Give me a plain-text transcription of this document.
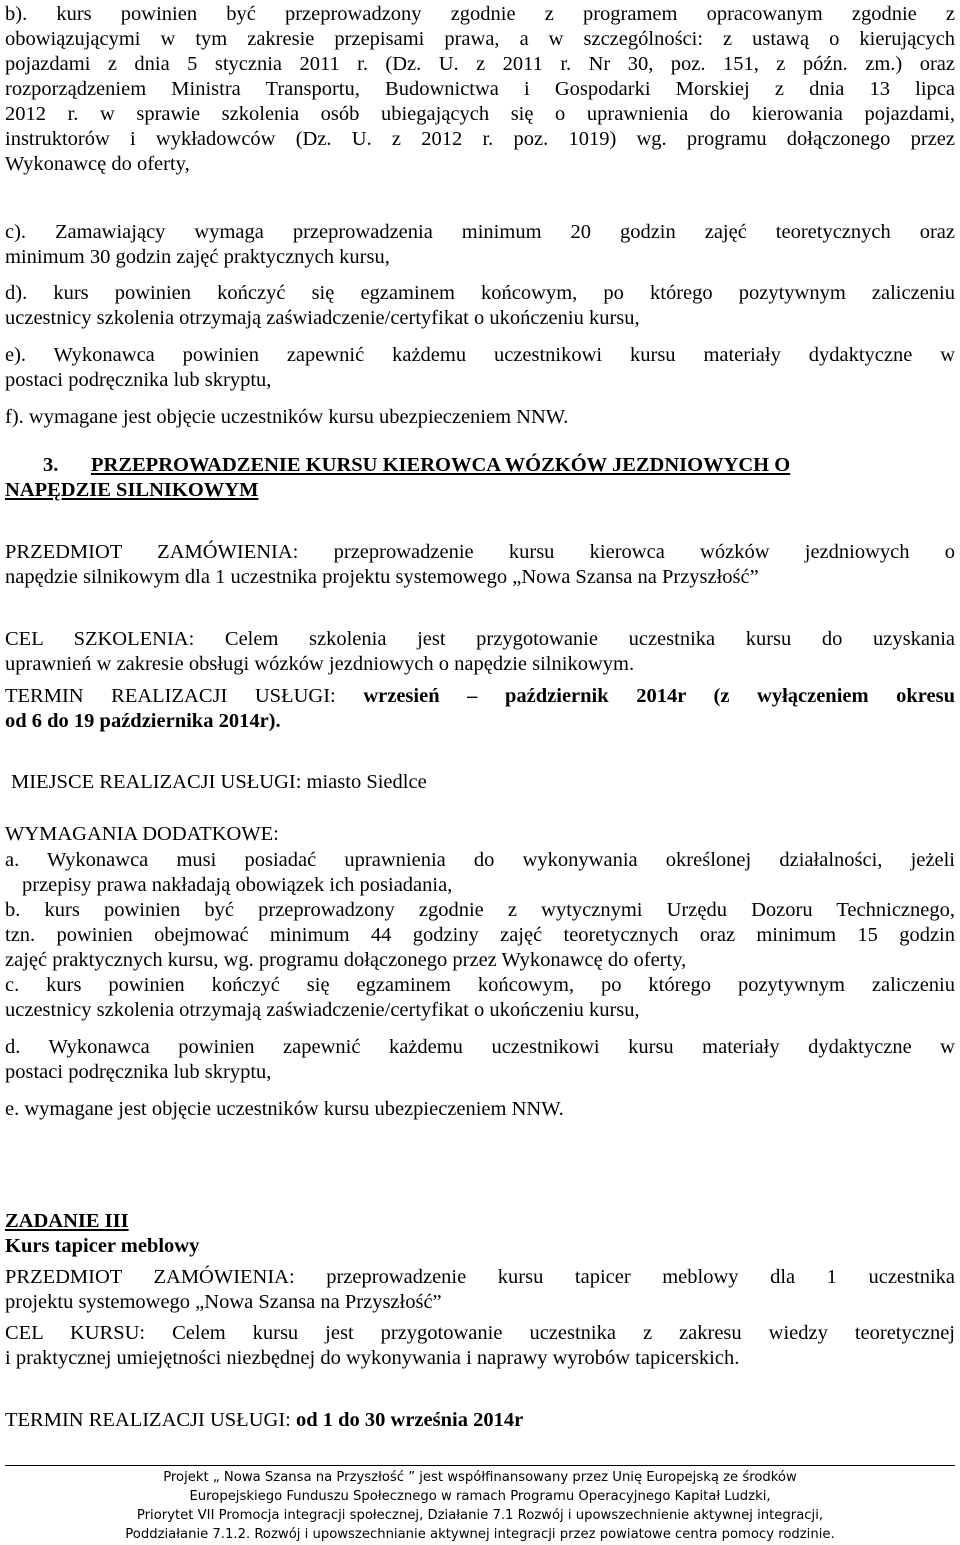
b). kurs powinien być przeprowadzony zgodnie z programem opracowanym zgodnie z
obowiązującymi w tym zakresie przepisami prawa, a w szczególności: z ustawą o kierujących
pojazdami z dnia 5 stycznia 2011 r. (Dz. U. z 2011 r. Nr 30, poz. 151, z późn. zm.) oraz
rozporządzeniem Ministra Transportu, Budownictwa i Gospodarki Morskiej z dnia 13 lipca
2012 r. w sprawie szkolenia osób ubiegających się o uprawnienia do kierowania pojazdami,
instruktorów i wykładowców (Dz. U. z 2012 r. poz. 1019) wg. programu dołączonego przez
Wykonawcę do oferty,
c). Zamawiający wymaga przeprowadzenia minimum 20 godzin zajęć teoretycznych oraz
minimum 30 godzin zajęć praktycznych kursu,
d). kurs powinien kończyć się egzaminem końcowym, po którego pozytywnym zaliczeniu
uczestnicy szkolenia otrzymają zaświadczenie/certyfikat o ukończeniu kursu,
e). Wykonawca powinien zapewnić każdemu uczestnikowi kursu materiały dydaktyczne w
postaci podręcznika lub skryptu,
f). wymagane jest objęcie uczestników kursu ubezpieczeniem NNW.
3. PRZEPROWADZENIE KURSU KIEROWCA WÓZKÓW JEZDNIOWYCH O
NAPĘDZIE SILNIKOWYM
PRZEDMIOT ZAMÓWIENIA: przeprowadzenie kursu kierowca wózków jezdniowych o
napędzie silnikowym dla 1 uczestnika projektu systemowego „Nowa Szansa na Przyszłość”
CEL SZKOLENIA: Celem szkolenia jest przygotowanie uczestnika kursu do uzyskania
uprawnień w zakresie obsługi wózków jezdniowych o napędzie silnikowym.
TERMIN REALIZACJI USŁUGI: wrzesień – październik 2014r (z wyłączeniem okresu
od 6 do 19 października 2014r).
MIEJSCE REALIZACJI USŁUGI: miasto Siedlce
WYMAGANIA DODATKOWE:
a. Wykonawca musi posiadać uprawnienia do wykonywania określonej działalności, jeżeli
przepisy prawa nakładają obowiązek ich posiadania,
b. kurs powinien być przeprowadzony zgodnie z wytycznymi Urzędu Dozoru Technicznego,
tzn. powinien obejmować minimum 44 godziny zajęć teoretycznych oraz minimum 15 godzin
zajęć praktycznych kursu, wg. programu dołączonego przez Wykonawcę do oferty,
c. kurs powinien kończyć się egzaminem końcowym, po którego pozytywnym zaliczeniu
uczestnicy szkolenia otrzymają zaświadczenie/certyfikat o ukończeniu kursu,
d. Wykonawca powinien zapewnić każdemu uczestnikowi kursu materiały dydaktyczne w
postaci podręcznika lub skryptu,
e. wymagane jest objęcie uczestników kursu ubezpieczeniem NNW.
ZADANIE III
Kurs tapicer meblowy
PRZEDMIOT ZAMÓWIENIA: przeprowadzenie kursu tapicer meblowy dla 1 uczestnika
projektu systemowego „Nowa Szansa na Przyszłość”
CEL KURSU: Celem kursu jest przygotowanie uczestnika z zakresu wiedzy teoretycznej
i praktycznej umiejętności niezbędnej do wykonywania i naprawy wyrobów tapicerskich.
TERMIN REALIZACJI USŁUGI: od 1 do 30 września 2014r
Projekt „ Nowa Szansa na Przyszłość ” jest współfinansowany przez Unię Europejską ze środków
Europejskiego Funduszu Społecznego w ramach Programu Operacyjnego Kapitał Ludzki,
Priorytet VII Promocja integracji społecznej, Działanie 7.1 Rozwój i upowszechnienie aktywnej integracji,
Poddziałanie 7.1.2. Rozwój i upowszechnianie aktywnej integracji przez powiatowe centra pomocy rodzinie.
